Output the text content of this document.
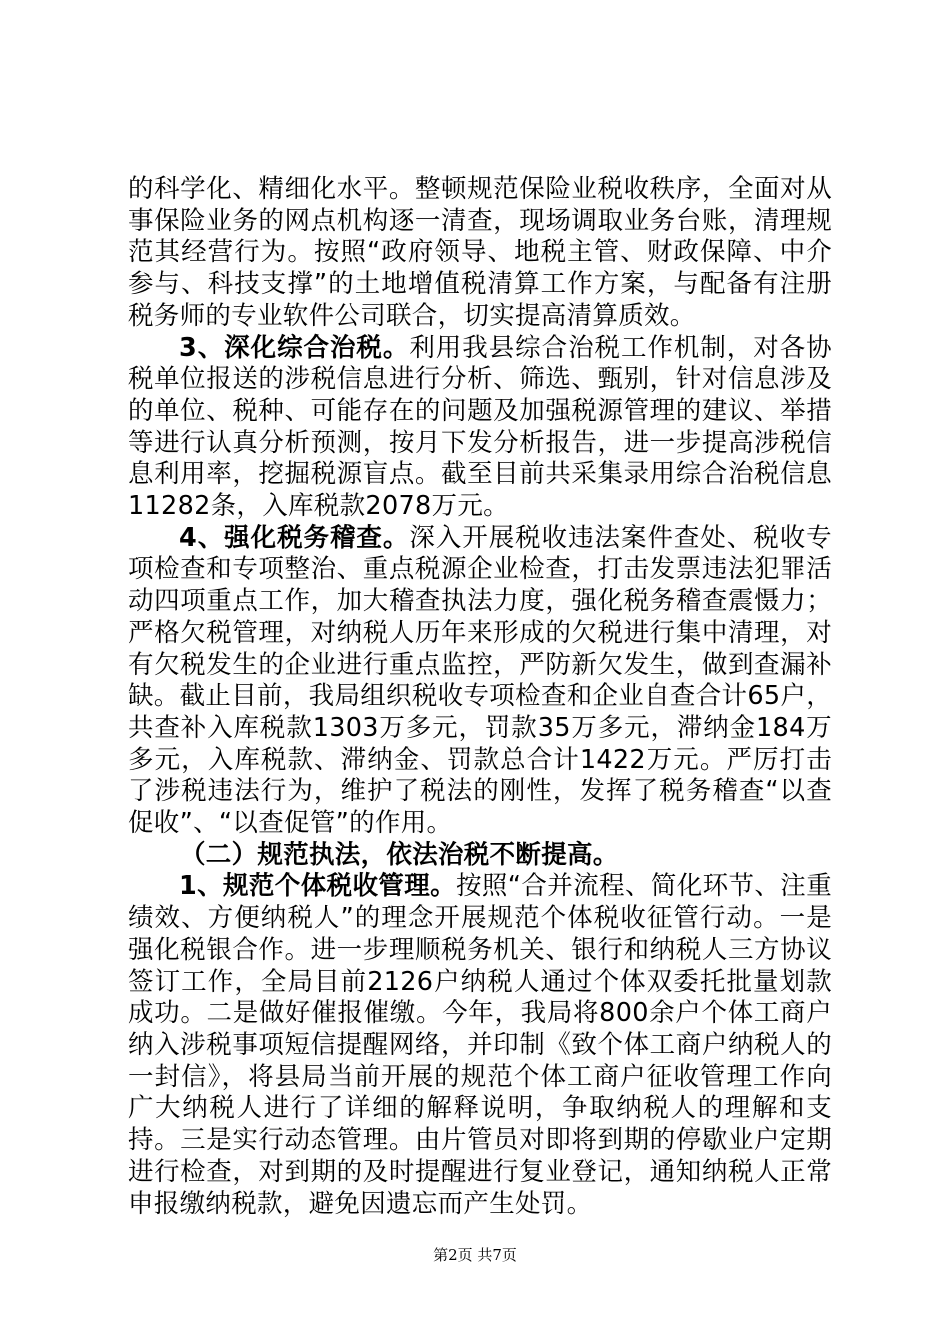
的科学化、精细化水平。整顿规范保险业税收秩序，全面对从事保险业务的网点机构逐一清查，现场调取业务台账，清理规范其经营行为。按照“政府领导、地税主管、财政保障、中介参与、科技支撑”的土地增值税清算工作方案，与配备有注册税务师的专业软件公司联合，切实提高清算质效。

3、深化综合治税。利用我县综合治税工作机制，对各协税单位报送的涉税信息进行分析、筛选、甄别，针对信息涉及的单位、税种、可能存在的问题及加强税源管理的建议、举措等进行认真分析预测，按月下发分析报告，进一步提高涉税信息利用率，挖掘税源盲点。截至目前共采集录用综合治税信息11282条，入库税款2078万元。

4、强化税务稽查。深入开展税收违法案件查处、税收专项检查和专项整治、重点税源企业检查，打击发票违法犯罪活动四项重点工作，加大稽查执法力度，强化税务稽查震慑力；严格欠税管理，对纳税人历年来形成的欠税进行集中清理，对有欠税发生的企业进行重点监控，严防新欠发生，做到查漏补缺。截止目前，我局组织税收专项检查和企业自查合计65户，共查补入库税款1303万多元，罚款35万多元，滞纳金184万多元，入库税款、滞纳金、罚款总合计1422万元。严厉打击了涉税违法行为，维护了税法的刚性，发挥了税务稽查“以查促收”、“以查促管”的作用。

（二）规范执法，依法治税不断提高。

1、规范个体税收管理。按照“合并流程、简化环节、注重绩效、方便纳税人”的理念开展规范个体税收征管行动。一是强化税银合作。进一步理顺税务机关、银行和纳税人三方协议签订工作，全局目前2126户纳税人通过个体双委托批量划款成功。二是做好催报催缴。今年，我局将800余户个体工商户纳入涉税事项短信提醒网络，并印制《致个体工商户纳税人的一封信》，将县局当前开展的规范个体工商户征收管理工作向广大纳税人进行了详细的解释说明，争取纳税人的理解和支持。三是实行动态管理。由片管员对即将到期的停歇业户定期进行检查，对到期的及时提醒进行复业登记，通知纳税人正常申报缴纳税款，避免因遗忘而产生处罚。

第2页 共7页
